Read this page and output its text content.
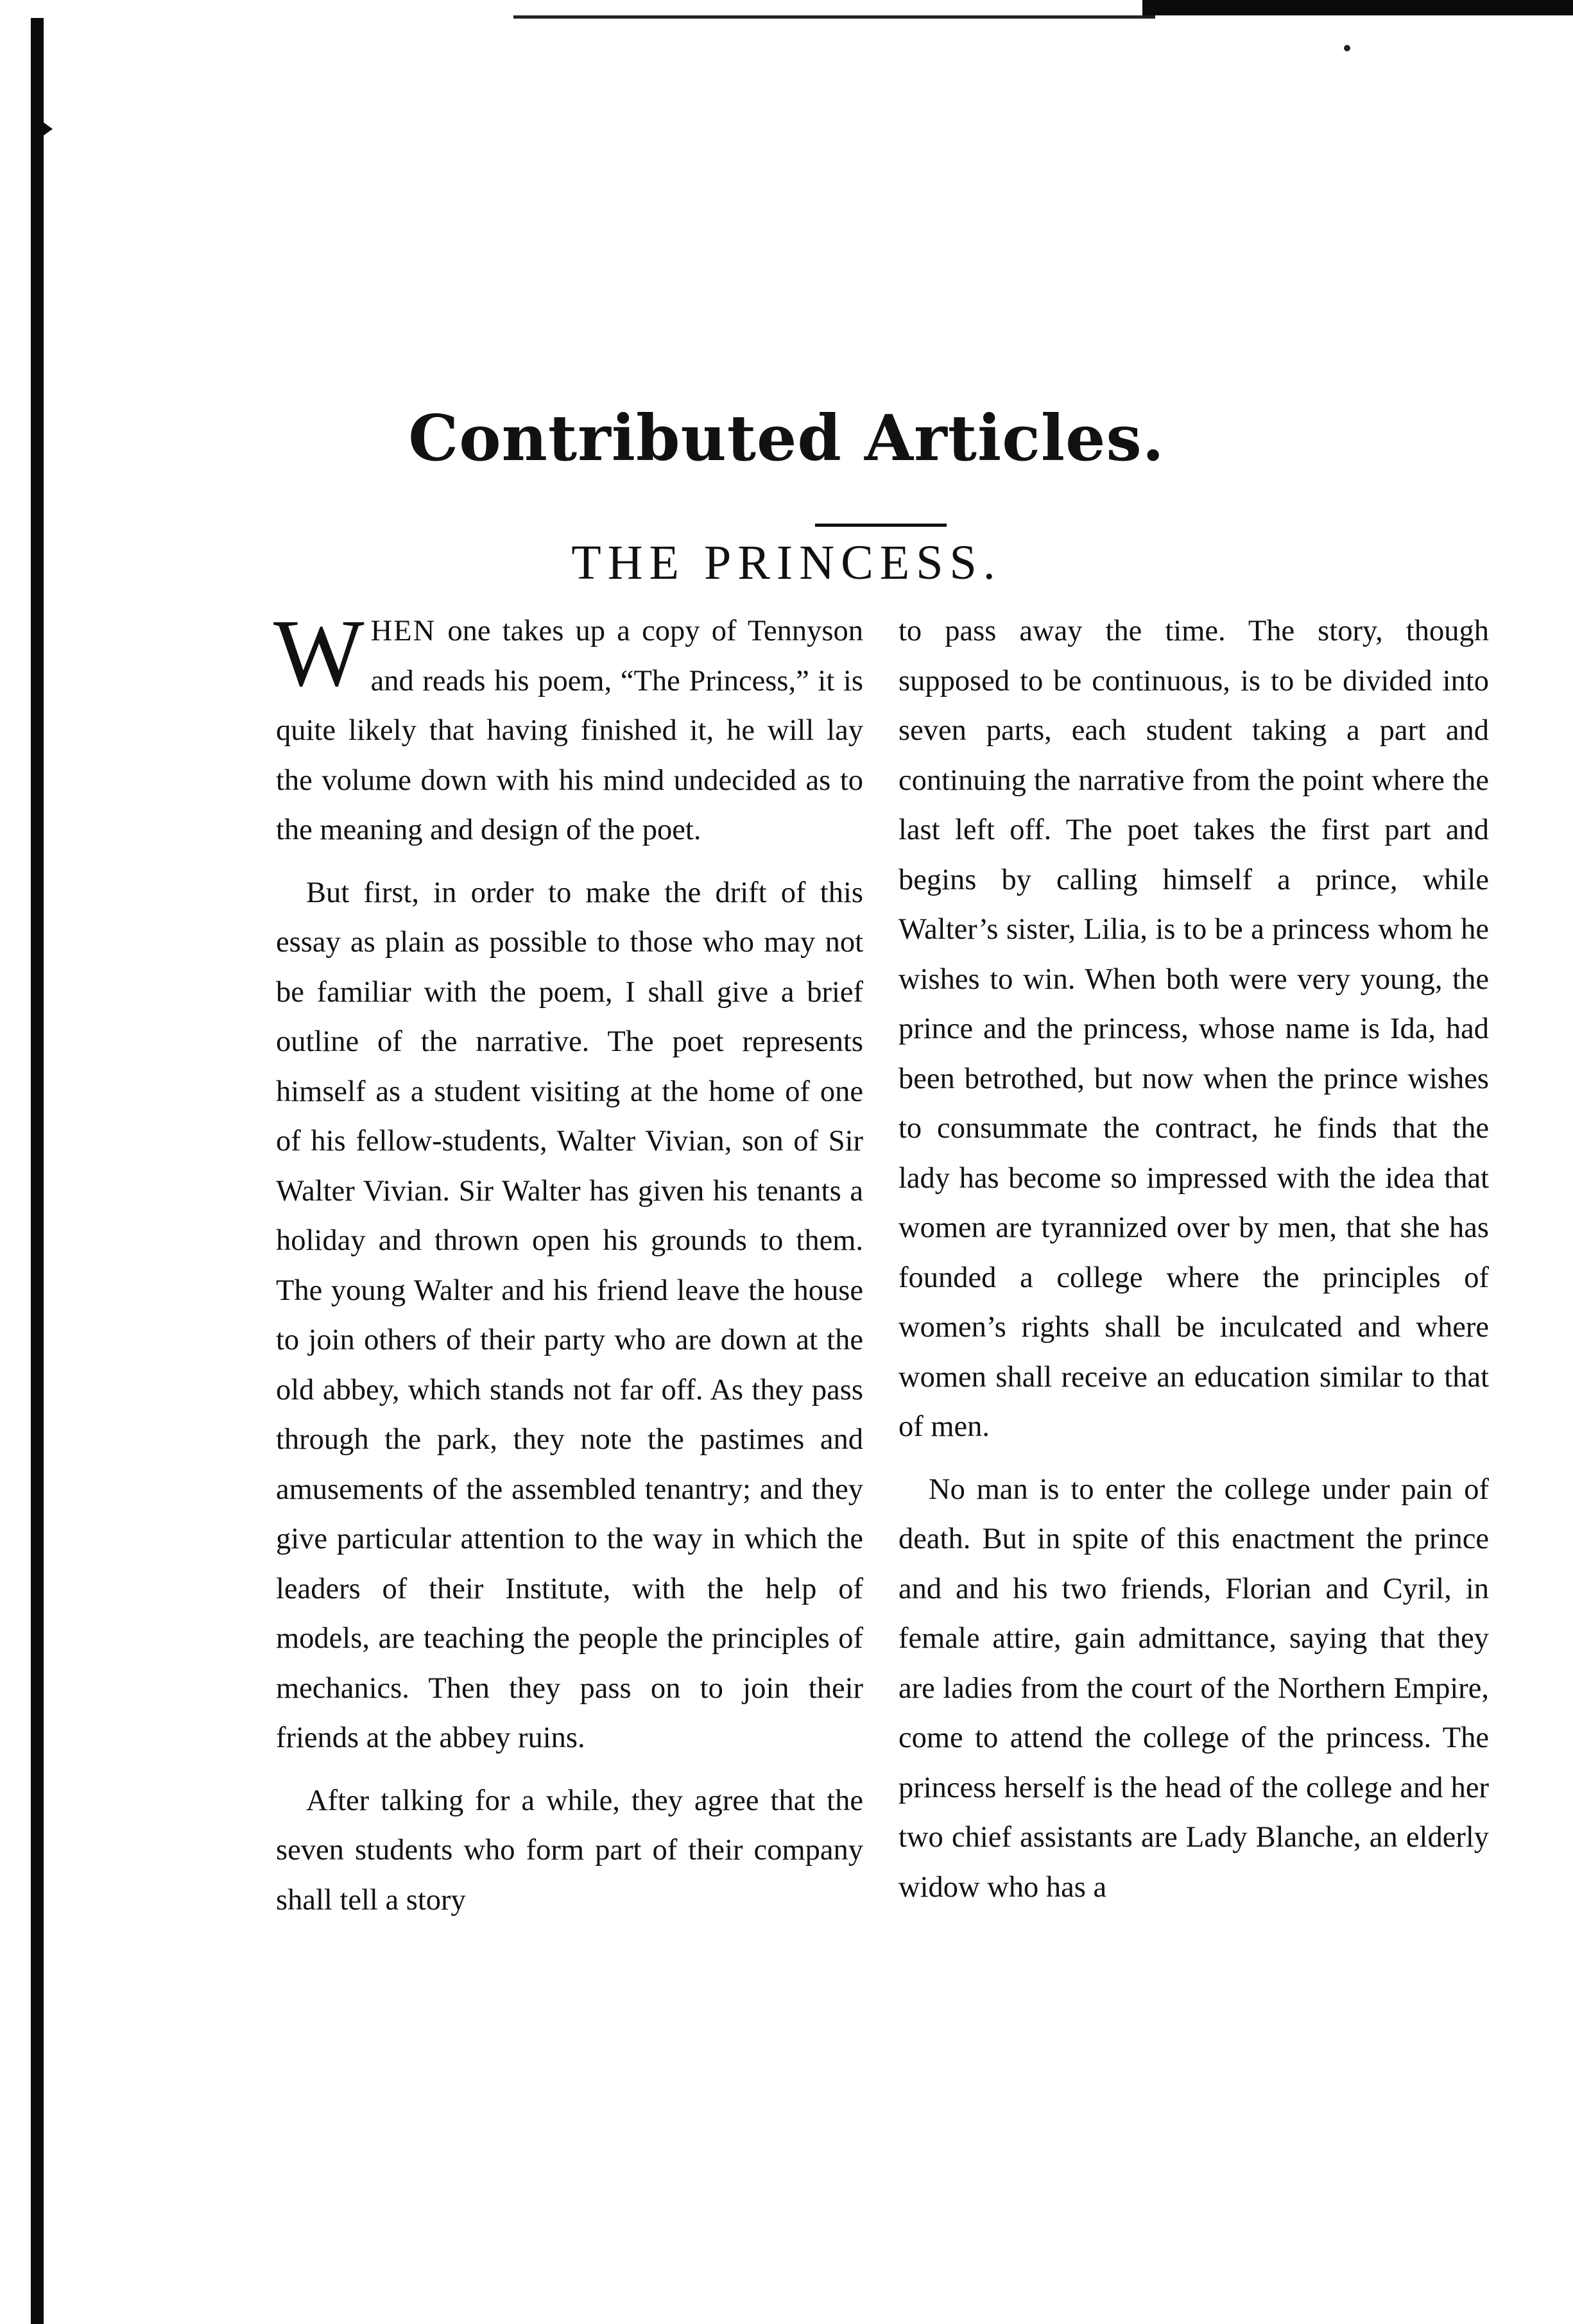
Contributed Articles.
THE PRINCESS.

WHEN one takes up a copy of Tennyson and reads his poem, “The Princess,” it is quite likely that having finished it, he will lay the volume down with his mind undecided as to the meaning and design of the poet.

But first, in order to make the drift of this essay as plain as possible to those who may not be familiar with the poem, I shall give a brief outline of the narrative. The poet represents himself as a student visiting at the home of one of his fellow-students, Walter Vivian, son of Sir Walter Vivian. Sir Walter has given his tenants a holiday and thrown open his grounds to them. The young Walter and his friend leave the house to join others of their party who are down at the old abbey, which stands not far off. As they pass through the park, they note the pastimes and amusements of the assembled tenantry; and they give particular attention to the way in which the leaders of their Institute, with the help of models, are teaching the people the principles of mechanics. Then they pass on to join their friends at the abbey ruins.

After talking for a while, they agree that the seven students who form part of their company shall tell a story

to pass away the time. The story, though supposed to be continuous, is to be divided into seven parts, each student taking a part and continuing the narrative from the point where the last left off. The poet takes the first part and begins by calling himself a prince, while Walter’s sister, Lilia, is to be a princess whom he wishes to win. When both were very young, the prince and the princess, whose name is Ida, had been betrothed, but now when the prince wishes to consummate the contract, he finds that the lady has become so impressed with the idea that women are tyrannized over by men, that she has founded a college where the principles of women’s rights shall be inculcated and where women shall receive an education similar to that of men.

No man is to enter the college under pain of death. But in spite of this enactment the prince and and his two friends, Florian and Cyril, in female attire, gain admittance, saying that they are ladies from the court of the Northern Empire, come to attend the college of the princess. The princess herself is the head of the college and her two chief assistants are Lady Blanche, an elderly widow who has a
